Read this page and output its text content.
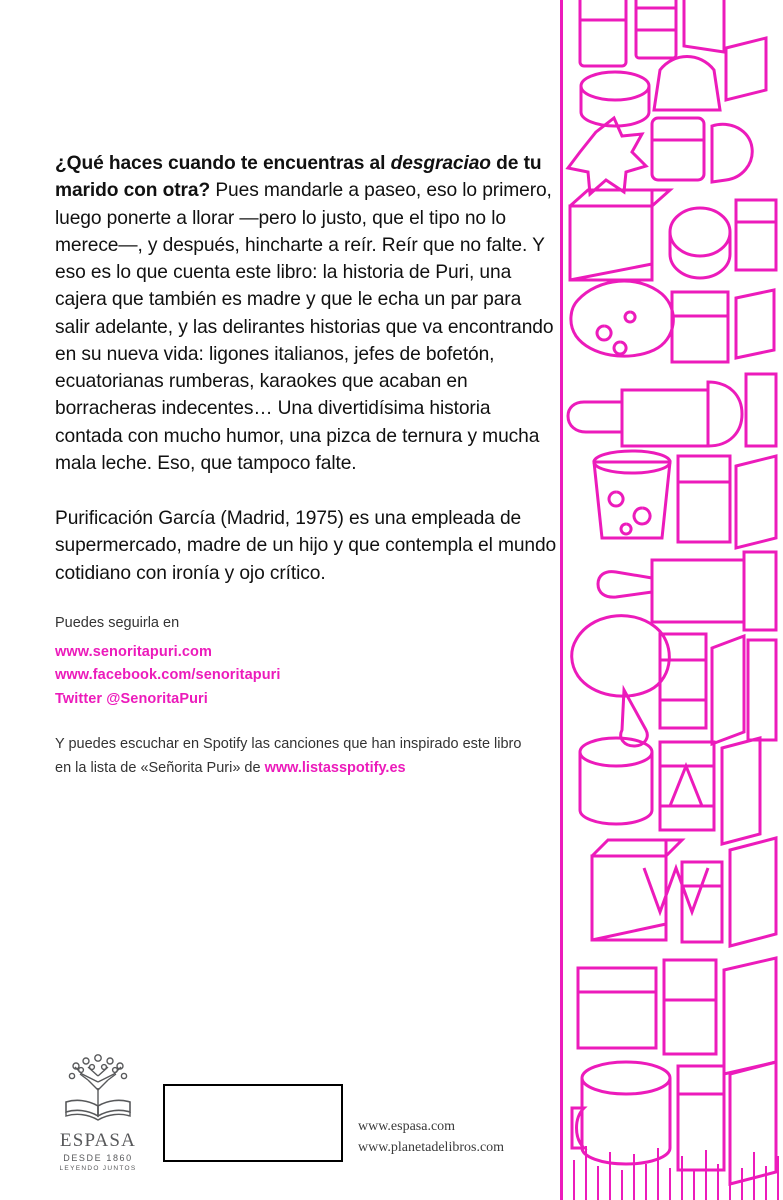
¿Qué haces cuando te encuentras al desgraciao de tu marido con otra? Pues mandarle a paseo, eso lo primero, luego ponerte a llorar —pero lo justo, que el tipo no lo merece—, y después, hincharte a reír. Reír que no falte. Y eso es lo que cuenta este libro: la historia de Puri, una cajera que también es madre y que le echa un par para salir adelante, y las delirantes historias que va encontrando en su nueva vida: ligones italianos, jefes de bofetón, ecuatorianas rumberas, karaokes que acaban en borracheras indecentes… Una divertidísima historia contada con mucho humor, una pizca de ternura y mucha mala leche. Eso, que tampoco falte.

Purificación García (Madrid, 1975) es una empleada de supermercado, madre de un hijo y que contempla el mundo cotidiano con ironía y ojo crítico.

Puedes seguirla en
www.senoritapuri.com
www.facebook.com/senoritapuri
Twitter @SenoritaPuri
Y puedes escuchar en Spotify las canciones que han inspirado este libro
en la lista de «Señorita Puri» de www.listasspotify.es
ESPASA
DESDE 1860
LEYENDO JUNTOS
www.espasa.com
www.planetadelibros.com
